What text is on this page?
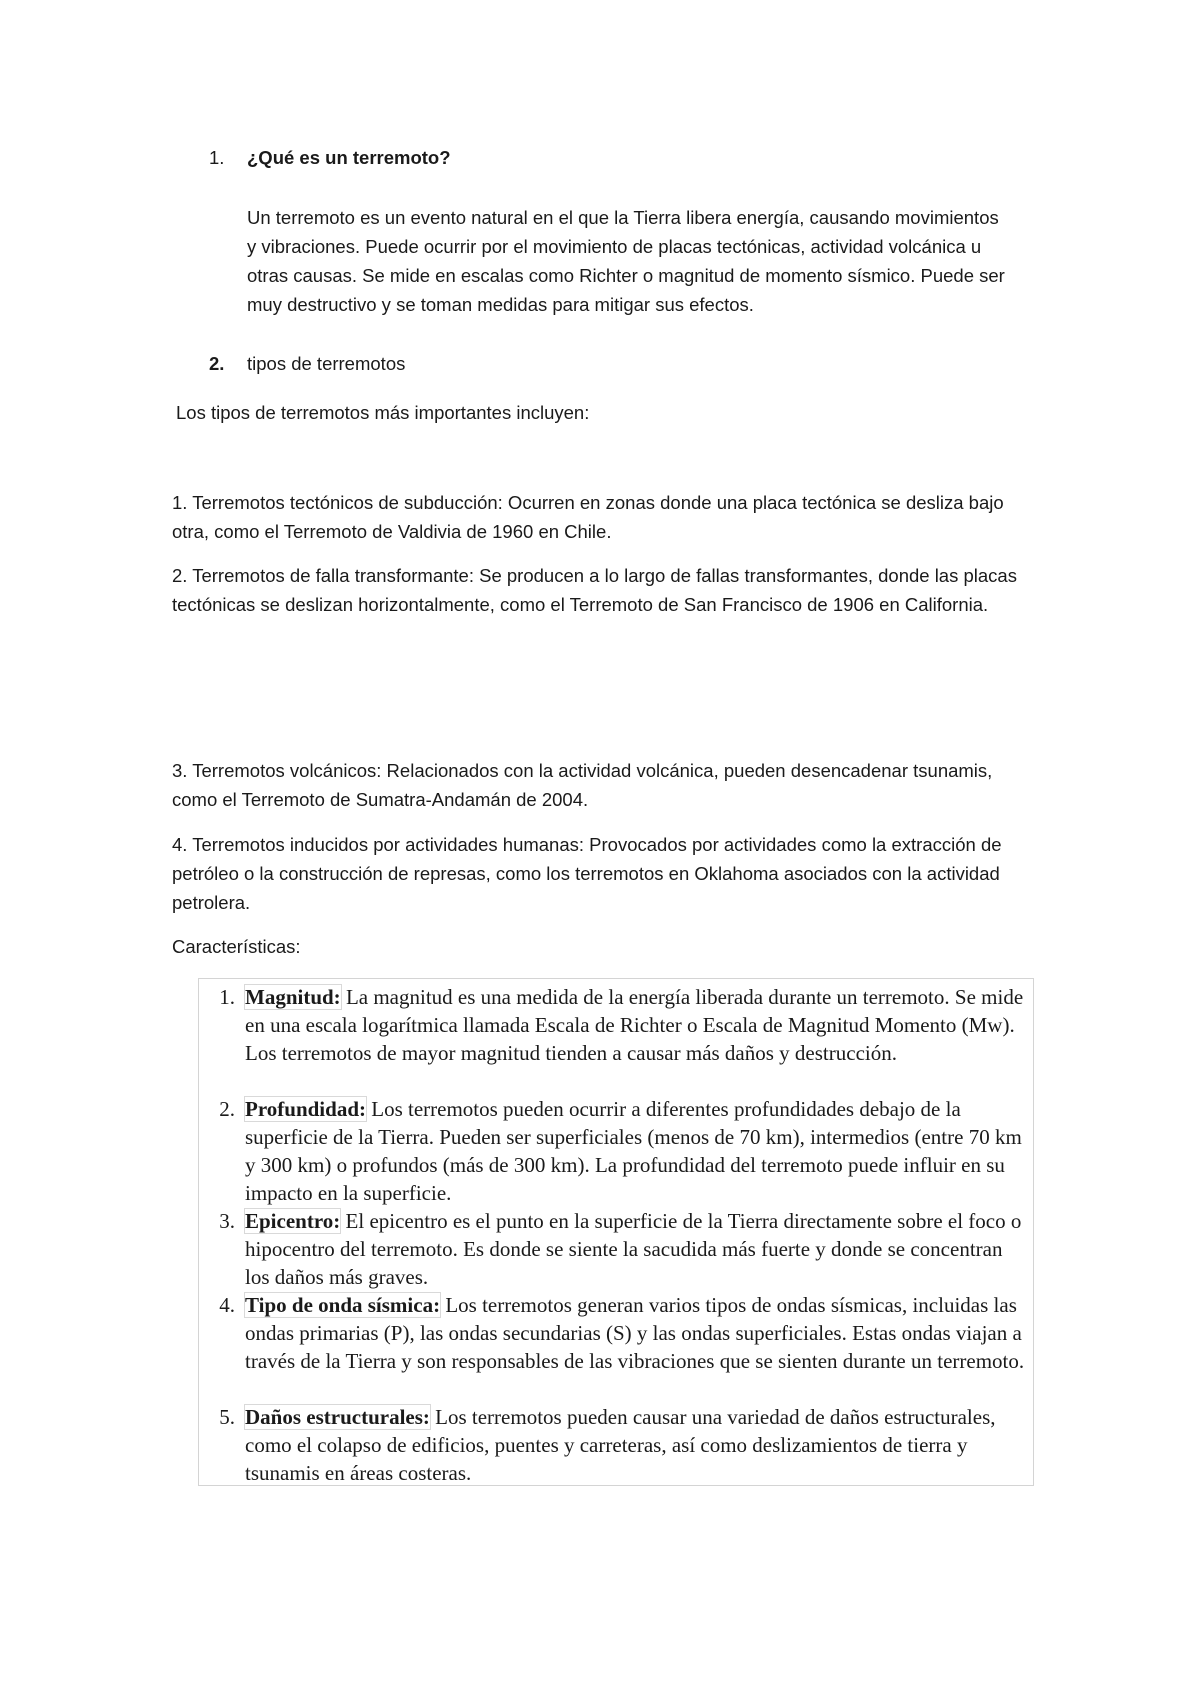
1.	¿Qué es un terremoto?
Un terremoto es un evento natural en el que la Tierra libera energía, causando movimientos y vibraciones. Puede ocurrir por el movimiento de placas tectónicas, actividad volcánica u otras causas. Se mide en escalas como Richter o magnitud de momento sísmico. Puede ser muy destructivo y se toman medidas para mitigar sus efectos.
2.	tipos de terremotos
Los tipos de terremotos más importantes incluyen:
1. Terremotos tectónicos de subducción: Ocurren en zonas donde una placa tectónica se desliza bajo otra, como el Terremoto de Valdivia de 1960 en Chile.
2. Terremotos de falla transformante: Se producen a lo largo de fallas transformantes, donde las placas tectónicas se deslizan horizontalmente, como el Terremoto de San Francisco de 1906 en California.
3. Terremotos volcánicos: Relacionados con la actividad volcánica, pueden desencadenar tsunamis, como el Terremoto de Sumatra-Andamán de 2004.
4. Terremotos inducidos por actividades humanas: Provocados por actividades como la extracción de petróleo o la construcción de represas, como los terremotos en Oklahoma asociados con la actividad petrolera.
Características:
1. Magnitud: La magnitud es una medida de la energía liberada durante un terremoto. Se mide en una escala logarítmica llamada Escala de Richter o Escala de Magnitud Momento (Mw). Los terremotos de mayor magnitud tienden a causar más daños y destrucción.
2. Profundidad: Los terremotos pueden ocurrir a diferentes profundidades debajo de la superficie de la Tierra. Pueden ser superficiales (menos de 70 km), intermedios (entre 70 km y 300 km) o profundos (más de 300 km). La profundidad del terremoto puede influir en su impacto en la superficie.
3. Epicentro: El epicentro es el punto en la superficie de la Tierra directamente sobre el foco o hipocentro del terremoto. Es donde se siente la sacudida más fuerte y donde se concentran los daños más graves.
4. Tipo de onda sísmica: Los terremotos generan varios tipos de ondas sísmicas, incluidas las ondas primarias (P), las ondas secundarias (S) y las ondas superficiales. Estas ondas viajan a través de la Tierra y son responsables de las vibraciones que se sienten durante un terremoto.
5. Daños estructurales: Los terremotos pueden causar una variedad de daños estructurales, como el colapso de edificios, puentes y carreteras, así como deslizamientos de tierra y tsunamis en áreas costeras.
